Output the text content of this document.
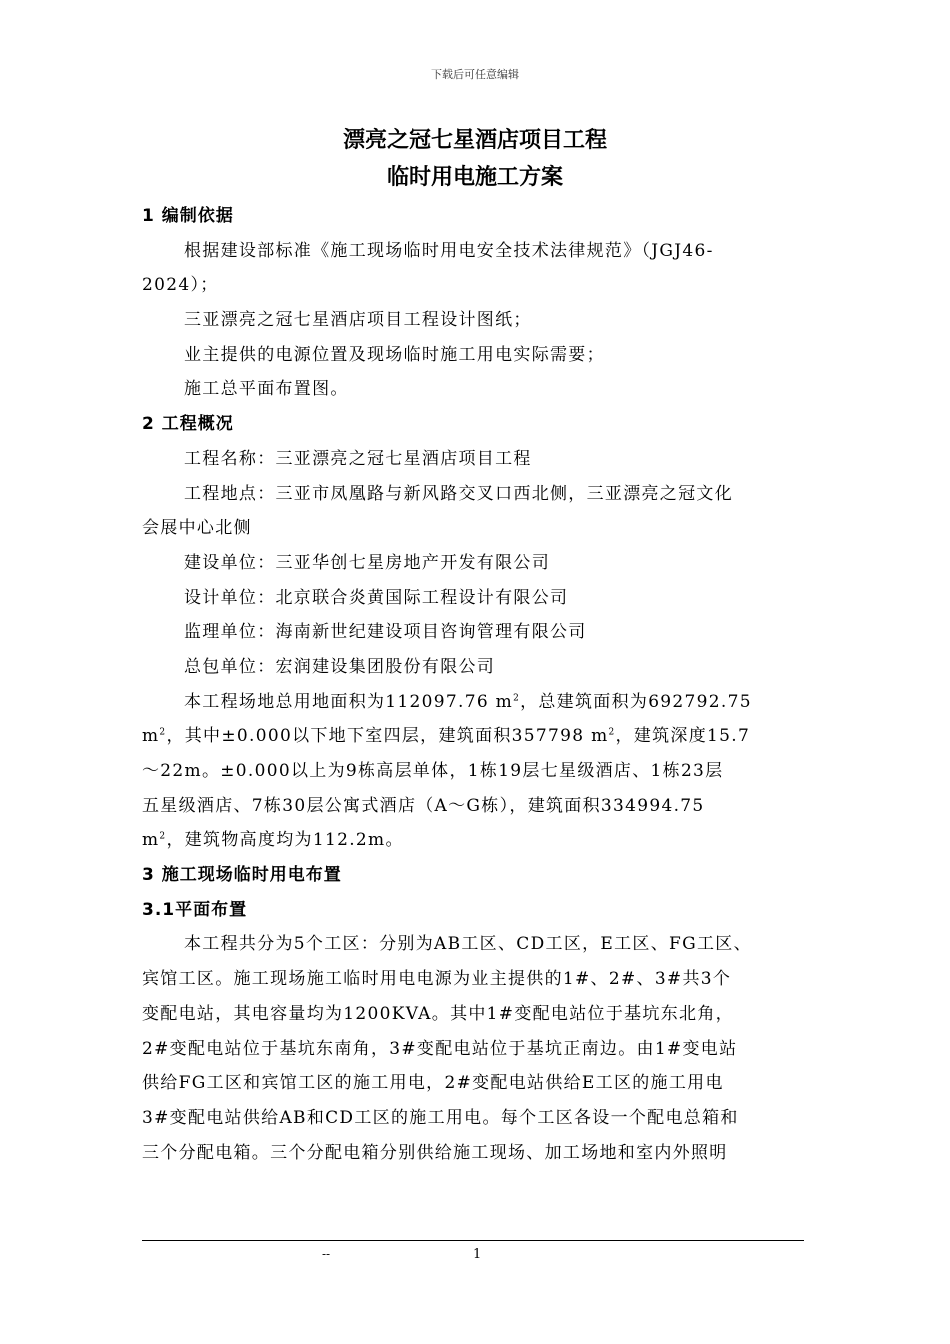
下载后可任意编辑
漂亮之冠七星酒店项目工程
临时用电施工方案
1 编制依据
根据建设部标准《施工现场临时用电安全技术法律规范》（JGJ46-
2024）；
三亚漂亮之冠七星酒店项目工程设计图纸；
业主提供的电源位置及现场临时施工用电实际需要；
施工总平面布置图。
2 工程概况
工程名称：三亚漂亮之冠七星酒店项目工程
工程地点：三亚市凤凰路与新风路交叉口西北侧，三亚漂亮之冠文化
会展中心北侧
建设单位：三亚华创七星房地产开发有限公司
设计单位：北京联合炎黄国际工程设计有限公司
监理单位：海南新世纪建设项目咨询管理有限公司
总包单位：宏润建设集团股份有限公司
本工程场地总用地面积为112097.76 $m^2$，总建筑面积为692792.75
$m^2$，其中±0.000以下地下室四层，建筑面积357798 $m^2$，建筑深度15.7
～22m。±0.000以上为9栋高层单体，1栋19层七星级酒店、1栋23层
五星级酒店、7栋30层公寓式酒店（A～G栋），建筑面积334994.75
$m^2$，建筑物高度均为112.2m。
3 施工现场临时用电布置
3.1平面布置
本工程共分为5个工区：分别为AB工区、CD工区，E工区、FG工区、
宾馆工区。施工现场施工临时用电电源为业主提供的1#、2#、3#共3个
变配电站，其电容量均为1200KVA。其中1#变配电站位于基坑东北角，
2#变配电站位于基坑东南角，3#变配电站位于基坑正南边。由1#变电站
供给FG工区和宾馆工区的施工用电，2#变配电站供给E工区的施工用电
3#变配电站供给AB和CD工区的施工用电。每个工区各设一个配电总箱和
三个分配电箱。三个分配电箱分别供给施工现场、加工场地和室内外照明
--	1
